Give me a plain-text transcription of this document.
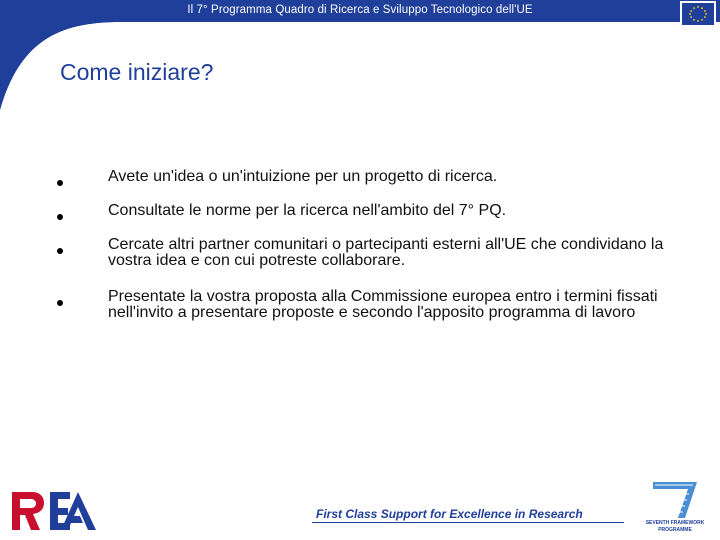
Il 7° Programma Quadro di Ricerca e Sviluppo Tecnologico dell'UE
Come iniziare?
Avete un'idea o un'intuizione per un progetto di ricerca.
Consultate le norme per la ricerca nell'ambito del 7° PQ.
Cercate altri partner comunitari o partecipanti esterni all'UE che condividano la vostra idea e con cui potreste collaborare.
Presentate la vostra proposta alla Commissione europea entro i termini fissati nell'invito a presentare proposte e secondo l'apposito programma di lavoro
First Class Support for Excellence in Research
SEVENTH FRAMEWORK
PROGRAMME
